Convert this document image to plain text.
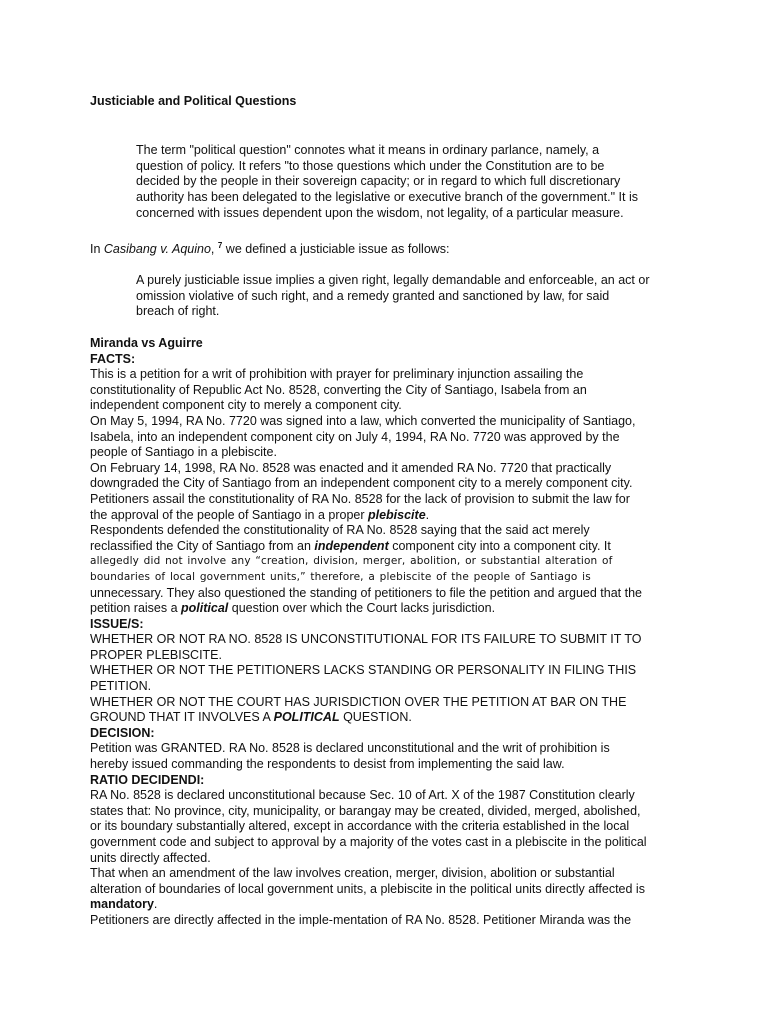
Justiciable and Political Questions
The term "political question" connotes what it means in ordinary parlance, namely, a
question of policy. It refers "to those questions which under the Constitution are to be
decided by the people in their sovereign capacity; or in regard to which full discretionary
authority has been delegated to the legislative or executive branch of the government." It is
concerned with issues dependent upon the wisdom, not legality, of a particular measure.
In Casibang v. Aquino, $^7$ we defined a justiciable issue as follows:
A purely justiciable issue implies a given right, legally demandable and enforceable, an act or
omission violative of such right, and a remedy granted and sanctioned by law, for said
breach of right.
Miranda vs Aguirre
FACTS:
This is a petition for a writ of prohibition with prayer for preliminary injunction assailing the
constitutionality of Republic Act No. 8528, converting the City of Santiago, Isabela from an
independent component city to merely a component city.
On May 5, 1994, RA No. 7720 was signed into a law, which converted the municipality of Santiago,
Isabela, into an independent component city on July 4, 1994, RA No. 7720 was approved by the
people of Santiago in a plebiscite.
On February 14, 1998, RA No. 8528 was enacted and it amended RA No. 7720 that practically
downgraded the City of Santiago from an independent component city to a merely component city.
Petitioners assail the constitutionality of RA No. 8528 for the lack of provision to submit the law for
the approval of the people of Santiago in a proper plebiscite.
Respondents defended the constitutionality of RA No. 8528 saying that the said act merely
reclassified the City of Santiago from an independent component city into a component city. It
allegedly did not involve any “creation, division, merger, abolition, or substantial alteration of
boundaries of local government units,” therefore, a plebiscite of the people of Santiago is
unnecessary. They also questioned the standing of petitioners to file the petition and argued that the
petition raises a political question over which the Court lacks jurisdiction.
ISSUE/S:
WHETHER OR NOT RA NO. 8528 IS UNCONSTITUTIONAL FOR ITS FAILURE TO SUBMIT IT TO
PROPER PLEBISCITE.
WHETHER OR NOT THE PETITIONERS LACKS STANDING OR PERSONALITY IN FILING THIS
PETITION.
WHETHER OR NOT THE COURT HAS JURISDICTION OVER THE PETITION AT BAR ON THE
GROUND THAT IT INVOLVES A POLITICAL QUESTION.
DECISION:
Petition was GRANTED. RA No. 8528 is declared unconstitutional and the writ of prohibition is
hereby issued commanding the respondents to desist from implementing the said law.
RATIO DECIDENDI:
RA No. 8528 is declared unconstitutional because Sec. 10 of Art. X of the 1987 Constitution clearly
states that: No province, city, municipality, or barangay may be created, divided, merged, abolished,
or its boundary substantially altered, except in accordance with the criteria established in the local
government code and subject to approval by a majority of the votes cast in a plebiscite in the political
units directly affected.
That when an amendment of the law involves creation, merger, division, abolition or substantial
alteration of boundaries of local government units, a plebiscite in the political units directly affected is
mandatory.
Petitioners are directly affected in the imple-mentation of RA No. 8528. Petitioner Miranda was the
